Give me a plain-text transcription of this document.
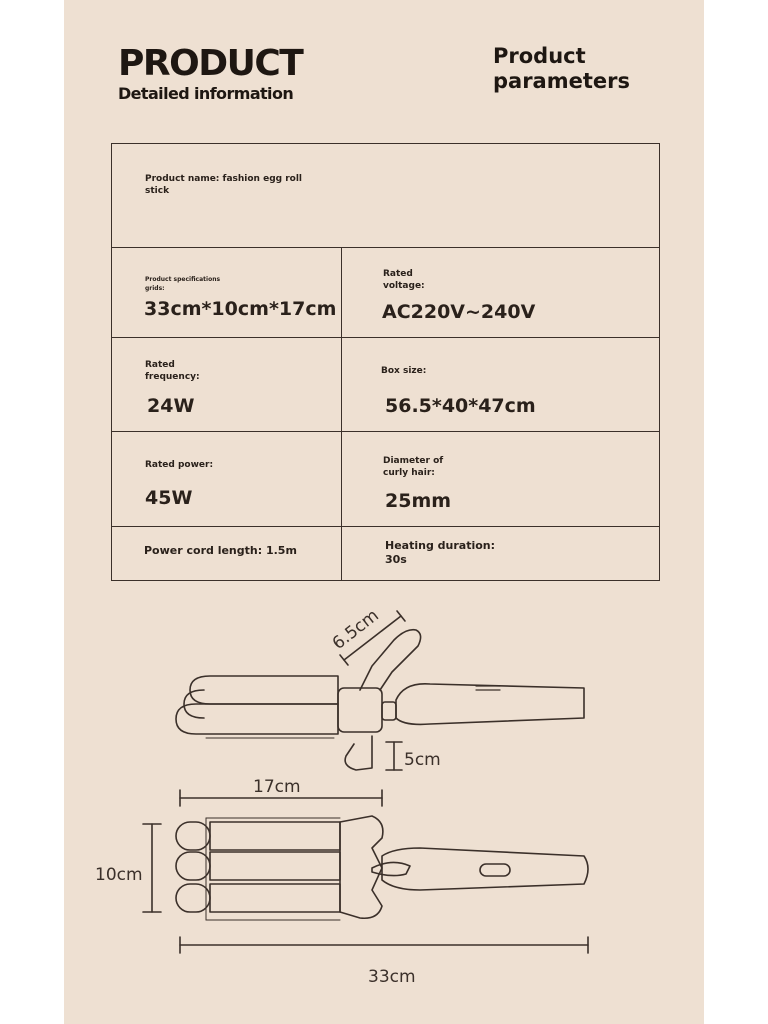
PRODUCT
Detailed information
Product
parameters
Product name: fashion egg roll stick
Product specifications grids:
33cm*10cm*17cm
Rated voltage:
AC220V~240V
Rated frequency:
24W
Box size:
56.5*40*47cm
Rated power:
45W
Diameter of curly hair:
25mm
Power cord length: 1.5m	Heating duration:
30s
6.5cm
5cm
17cm
10cm
33cm
